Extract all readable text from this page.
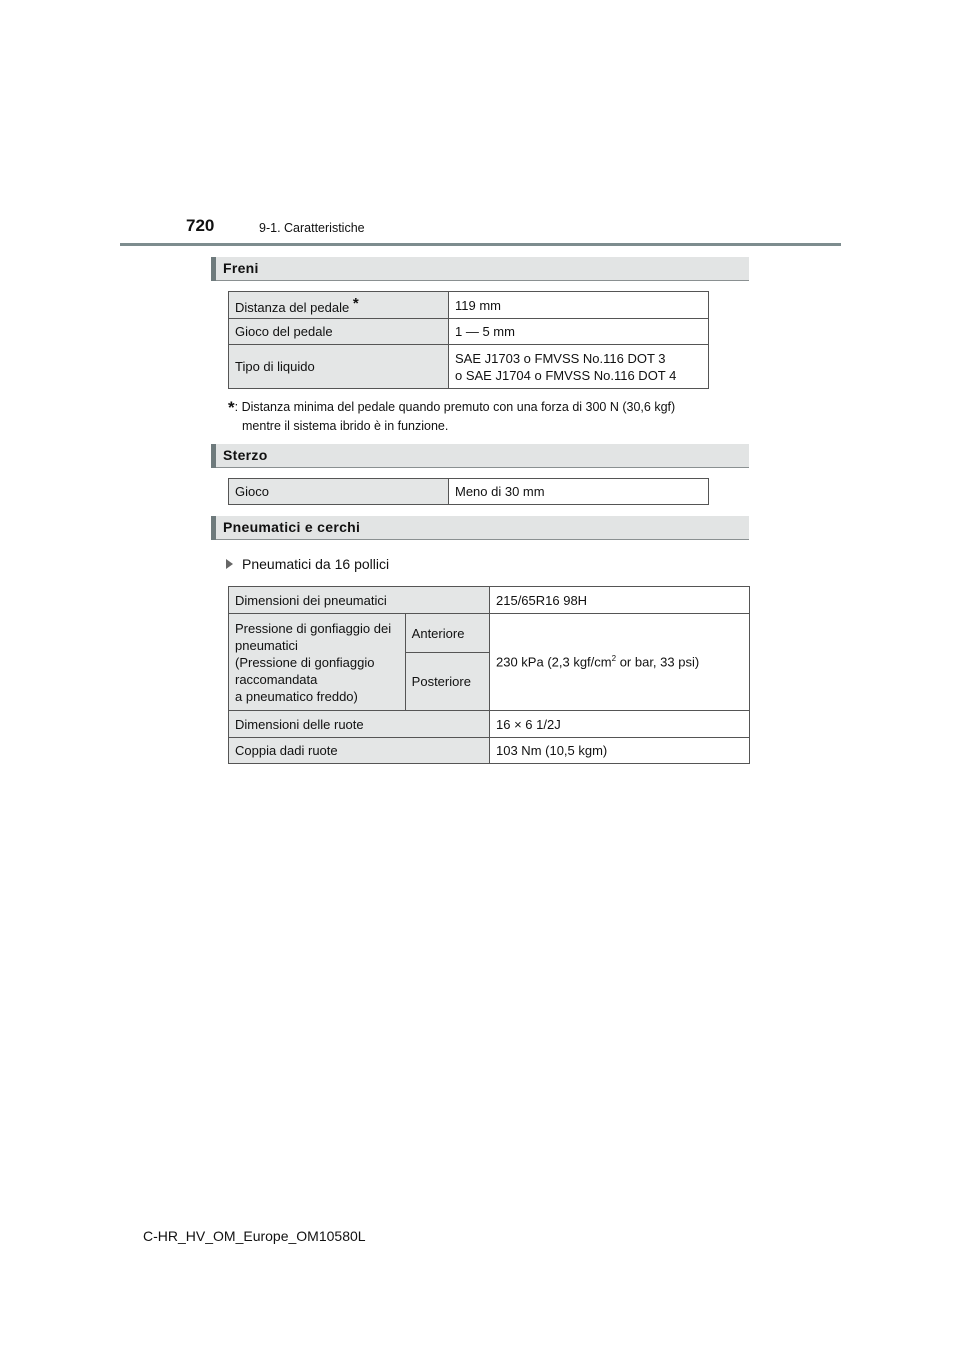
720	9-1. Caratteristiche
Freni
Distanza del pedale *	119 mm
Gioco del pedale	1 — 5 mm
Tipo di liquido	SAE J1703 o FMVSS No.116 DOT 3
o SAE J1704 o FMVSS No.116 DOT 4
*: Distanza minima del pedale quando premuto con una forza di 300 N (30,6 kgf)
mentre il sistema ibrido è in funzione.
Sterzo
Gioco	Meno di 30 mm
Pneumatici e cerchi
Pneumatici da 16 pollici
Dimensioni dei pneumatici		215/65R16 98H
Pressione di gonfiaggio dei
pneumatici
(Pressione di gonfiaggio
raccomandata
a pneumatico freddo)	Anteriore	230 kPa (2,3 kgf/$cm^2$ or bar, 33 psi)
	Posteriore	
Dimensioni delle ruote		16 × 6 1/2J
Coppia dadi ruote		103 Nm (10,5 kgm)
C-HR_HV_OM_Europe_OM10580L
